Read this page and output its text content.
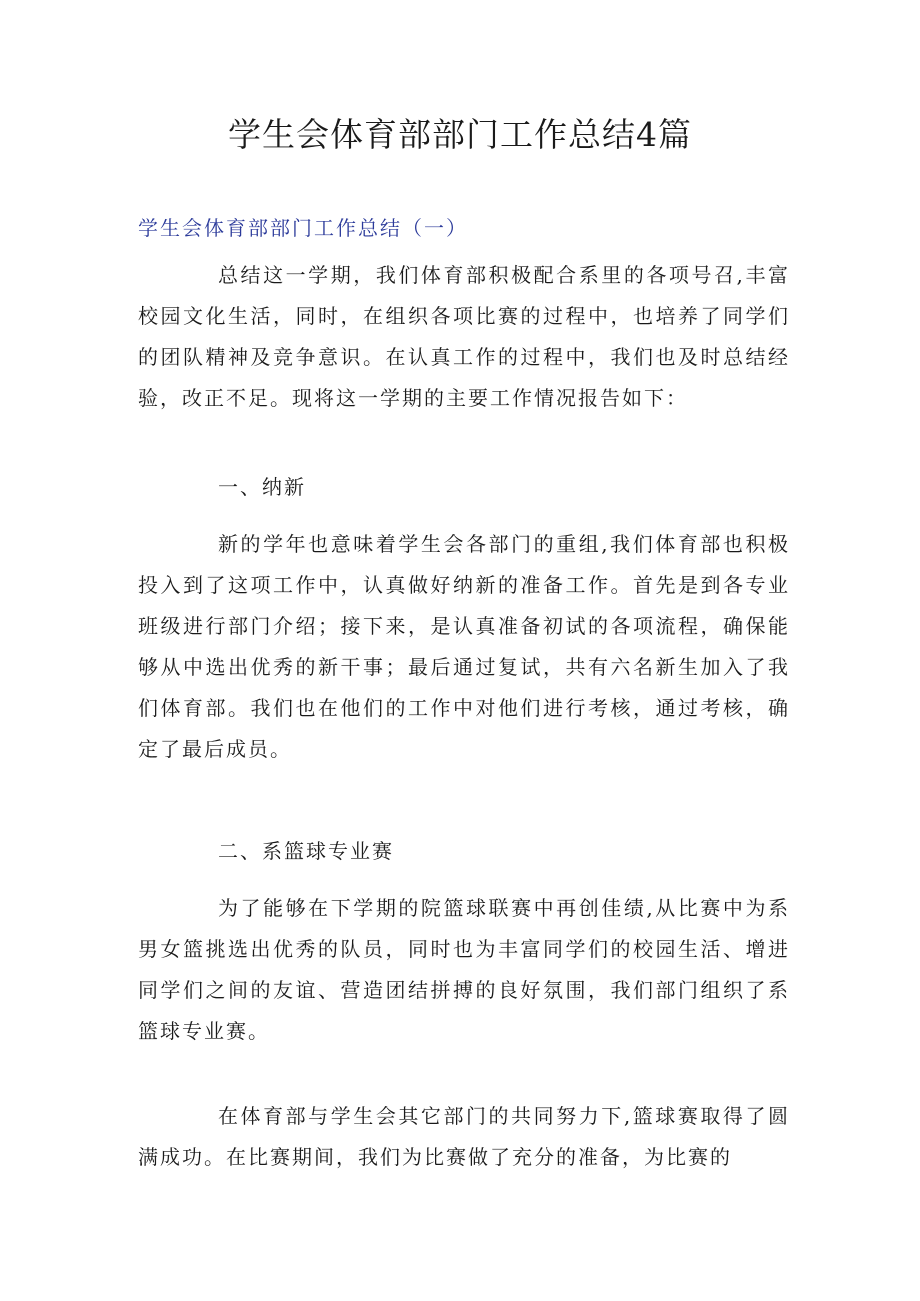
学生会体育部部门工作总结4篇
学生会体育部部门工作总结（一）

总结这一学期，我们体育部积极配合系里的各项号召,丰富校园文化生活，同时，在组织各项比赛的过程中，也培养了同学们的团队精神及竞争意识。在认真工作的过程中，我们也及时总结经验，改正不足。现将这一学期的主要工作情况报告如下：

一、纳新

新的学年也意味着学生会各部门的重组,我们体育部也积极投入到了这项工作中，认真做好纳新的准备工作。首先是到各专业班级进行部门介绍；接下来，是认真准备初试的各项流程，确保能够从中选出优秀的新干事；最后通过复试，共有六名新生加入了我们体育部。我们也在他们的工作中对他们进行考核，通过考核，确定了最后成员。

二、系篮球专业赛

为了能够在下学期的院篮球联赛中再创佳绩,从比赛中为系男女篮挑选出优秀的队员，同时也为丰富同学们的校园生活、增进同学们之间的友谊、营造团结拼搏的良好氛围，我们部门组织了系篮球专业赛。

在体育部与学生会其它部门的共同努力下,篮球赛取得了圆满成功。在比赛期间，我们为比赛做了充分的准备，为比赛的
